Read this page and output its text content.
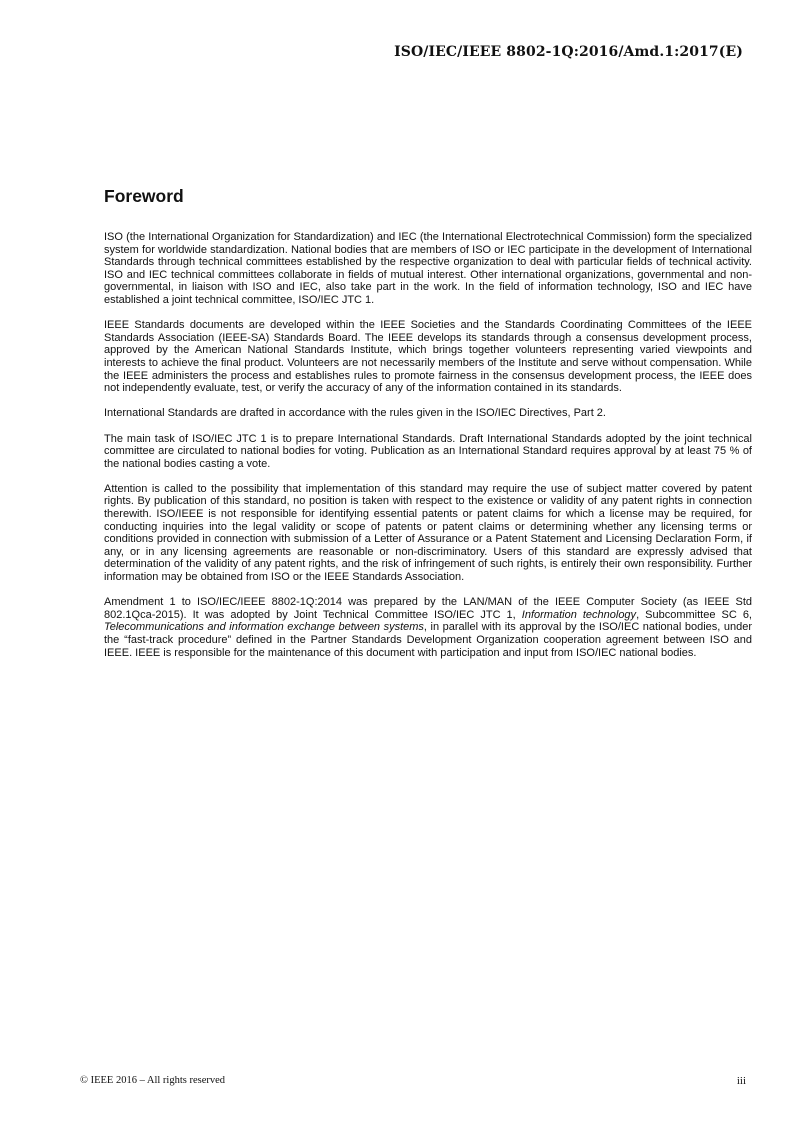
ISO/IEC/IEEE 8802-1Q:2016/Amd.1:2017(E)
Foreword

ISO (the International Organization for Standardization) and IEC (the International Electrotechnical Commission) form the specialized system for worldwide standardization. National bodies that are members of ISO or IEC participate in the development of International Standards through technical committees established by the respective organization to deal with particular fields of technical activity. ISO and IEC technical committees collaborate in fields of mutual interest. Other international organizations, governmental and non-governmental, in liaison with ISO and IEC, also take part in the work. In the field of information technology, ISO and IEC have established a joint technical committee, ISO/IEC JTC 1.

IEEE Standards documents are developed within the IEEE Societies and the Standards Coordinating Committees of the IEEE Standards Association (IEEE-SA) Standards Board. The IEEE develops its standards through a consensus development process, approved by the American National Standards Institute, which brings together volunteers representing varied viewpoints and interests to achieve the final product. Volunteers are not necessarily members of the Institute and serve without compensation. While the IEEE administers the process and establishes rules to promote fairness in the consensus development process, the IEEE does not independently evaluate, test, or verify the accuracy of any of the information contained in its standards.

International Standards are drafted in accordance with the rules given in the ISO/IEC Directives, Part 2.

The main task of ISO/IEC JTC 1 is to prepare International Standards. Draft International Standards adopted by the joint technical committee are circulated to national bodies for voting. Publication as an International Standard requires approval by at least 75 % of the national bodies casting a vote.

Attention is called to the possibility that implementation of this standard may require the use of subject matter covered by patent rights. By publication of this standard, no position is taken with respect to the existence or validity of any patent rights in connection therewith. ISO/IEEE is not responsible for identifying essential patents or patent claims for which a license may be required, for conducting inquiries into the legal validity or scope of patents or patent claims or determining whether any licensing terms or conditions provided in connection with submission of a Letter of Assurance or a Patent Statement and Licensing Declaration Form, if any, or in any licensing agreements are reasonable or non-discriminatory. Users of this standard are expressly advised that determination of the validity of any patent rights, and the risk of infringement of such rights, is entirely their own responsibility. Further information may be obtained from ISO or the IEEE Standards Association.

Amendment 1 to ISO/IEC/IEEE 8802-1Q:2014 was prepared by the LAN/MAN of the IEEE Computer Society (as IEEE Std 802.1Qca-2015). It was adopted by Joint Technical Committee ISO/IEC JTC 1, Information technology, Subcommittee SC 6, Telecommunications and information exchange between systems, in parallel with its approval by the ISO/IEC national bodies, under the “fast-track procedure” defined in the Partner Standards Development Organization cooperation agreement between ISO and IEEE. IEEE is responsible for the maintenance of this document with participation and input from ISO/IEC national bodies.

© IEEE 2016 – All rights reserved	iii
